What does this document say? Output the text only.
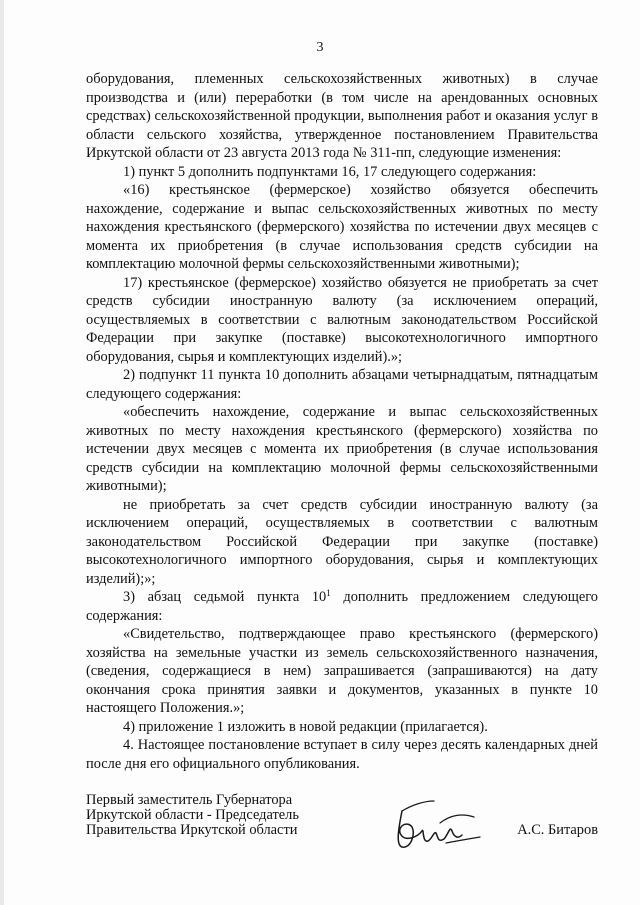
3

оборудования, племенных сельскохозяйственных животных) в случае производства и (или) переработки (в том числе на арендованных основных средствах) сельскохозяйственной продукции, выполнения работ и оказания услуг в области сельского хозяйства, утвержденное постановлением Правительства Иркутской области от 23 августа 2013 года № 311-пп, следующие изменения:

1) пункт 5 дополнить подпунктами 16, 17 следующего содержания:

«16) крестьянское (фермерское) хозяйство обязуется обеспечить нахождение, содержание и выпас сельскохозяйственных животных по месту нахождения крестьянского (фермерского) хозяйства по истечении двух месяцев с момента их приобретения (в случае использования средств субсидии на комплектацию молочной фермы сельскохозяйственными животными);

17) крестьянское (фермерское) хозяйство обязуется не приобретать за счет средств субсидии иностранную валюту (за исключением операций, осуществляемых в соответствии с валютным законодательством Российской Федерации при закупке (поставке) высокотехнологичного импортного оборудования, сырья и комплектующих изделий).»;

2) подпункт 11 пункта 10 дополнить абзацами четырнадцатым, пятнадцатым следующего содержания:

«обеспечить нахождение, содержание и выпас сельскохозяйственных животных по месту нахождения крестьянского (фермерского) хозяйства по истечении двух месяцев с момента их приобретения (в случае использования средств субсидии на комплектацию молочной фермы сельскохозяйственными животными);

не приобретать за счет средств субсидии иностранную валюту (за исключением операций, осуществляемых в соответствии с валютным законодательством Российской Федерации при закупке (поставке) высокотехнологичного импортного оборудования, сырья и комплектующих изделий);»;

3) абзац седьмой пункта $10^1$ дополнить предложением следующего содержания:

«Свидетельство, подтверждающее право крестьянского (фермерского) хозяйства на земельные участки из земель сельскохозяйственного назначения, (сведения, содержащиеся в нем) запрашивается (запрашиваются) на дату окончания срока принятия заявки и документов, указанных в пункте 10 настоящего Положения.»;

4) приложение 1 изложить в новой редакции (прилагается).

4. Настоящее постановление вступает в силу через десять календарных дней после дня его официального опубликования.

Первый заместитель Губернатора
Иркутской области - Председатель
Правительства Иркутской области	А.С. Битаров
